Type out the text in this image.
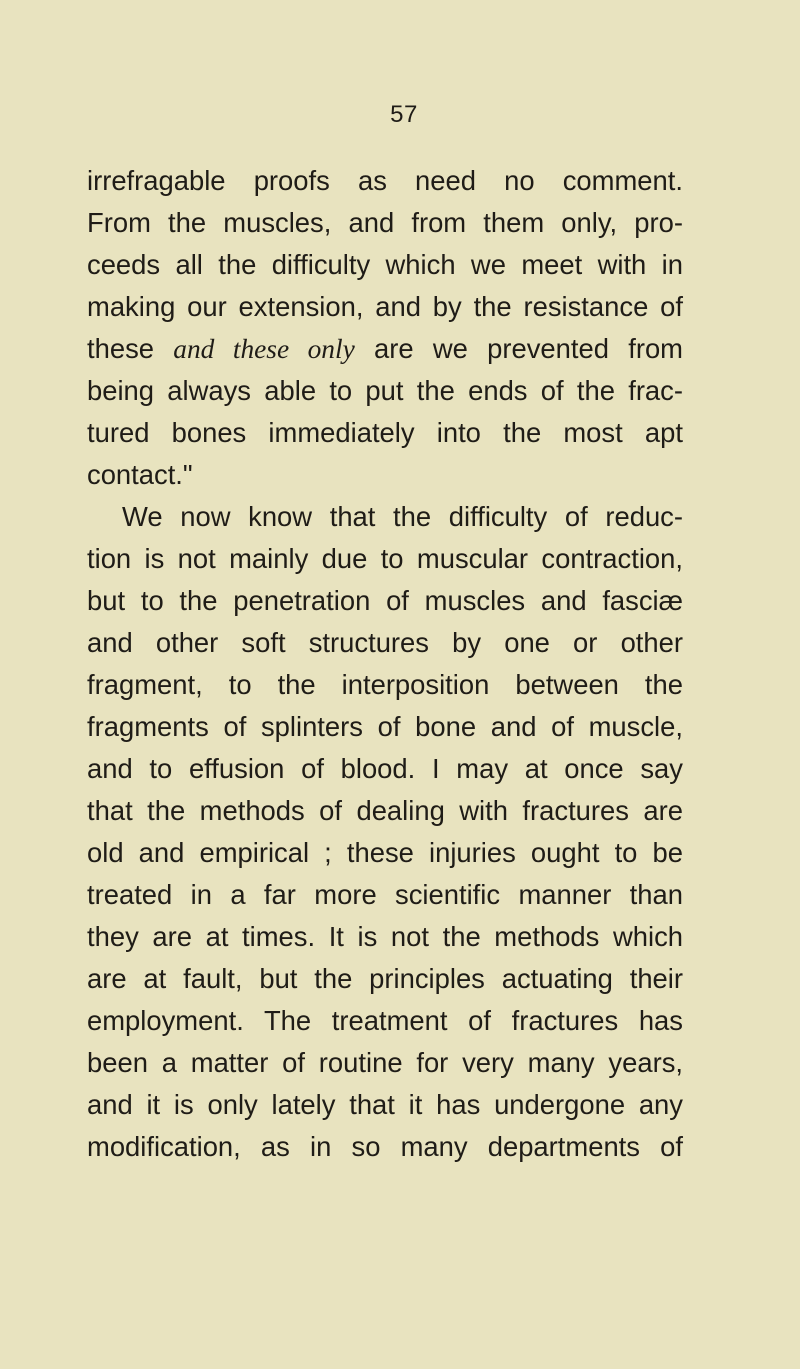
57
irrefragable proofs as need no comment.
From the muscles, and from them only, pro-
ceeds all the difficulty which we meet with in
making our extension, and by the resistance of
these and these only are we prevented from
being always able to put the ends of the frac-
tured bones immediately into the most apt
contact."
We now know that the difficulty of reduc-
tion is not mainly due to muscular contraction,
but to the penetration of muscles and fasciæ
and other soft structures by one or other
fragment, to the interposition between the
fragments of splinters of bone and of muscle,
and to effusion of blood. I may at once say
that the methods of dealing with fractures are
old and empirical ; these injuries ought to be
treated in a far more scientific manner than
they are at times. It is not the methods which
are at fault, but the principles actuating their
employment. The treatment of fractures has
been a matter of routine for very many years,
and it is only lately that it has undergone any
modification, as in so many departments of
